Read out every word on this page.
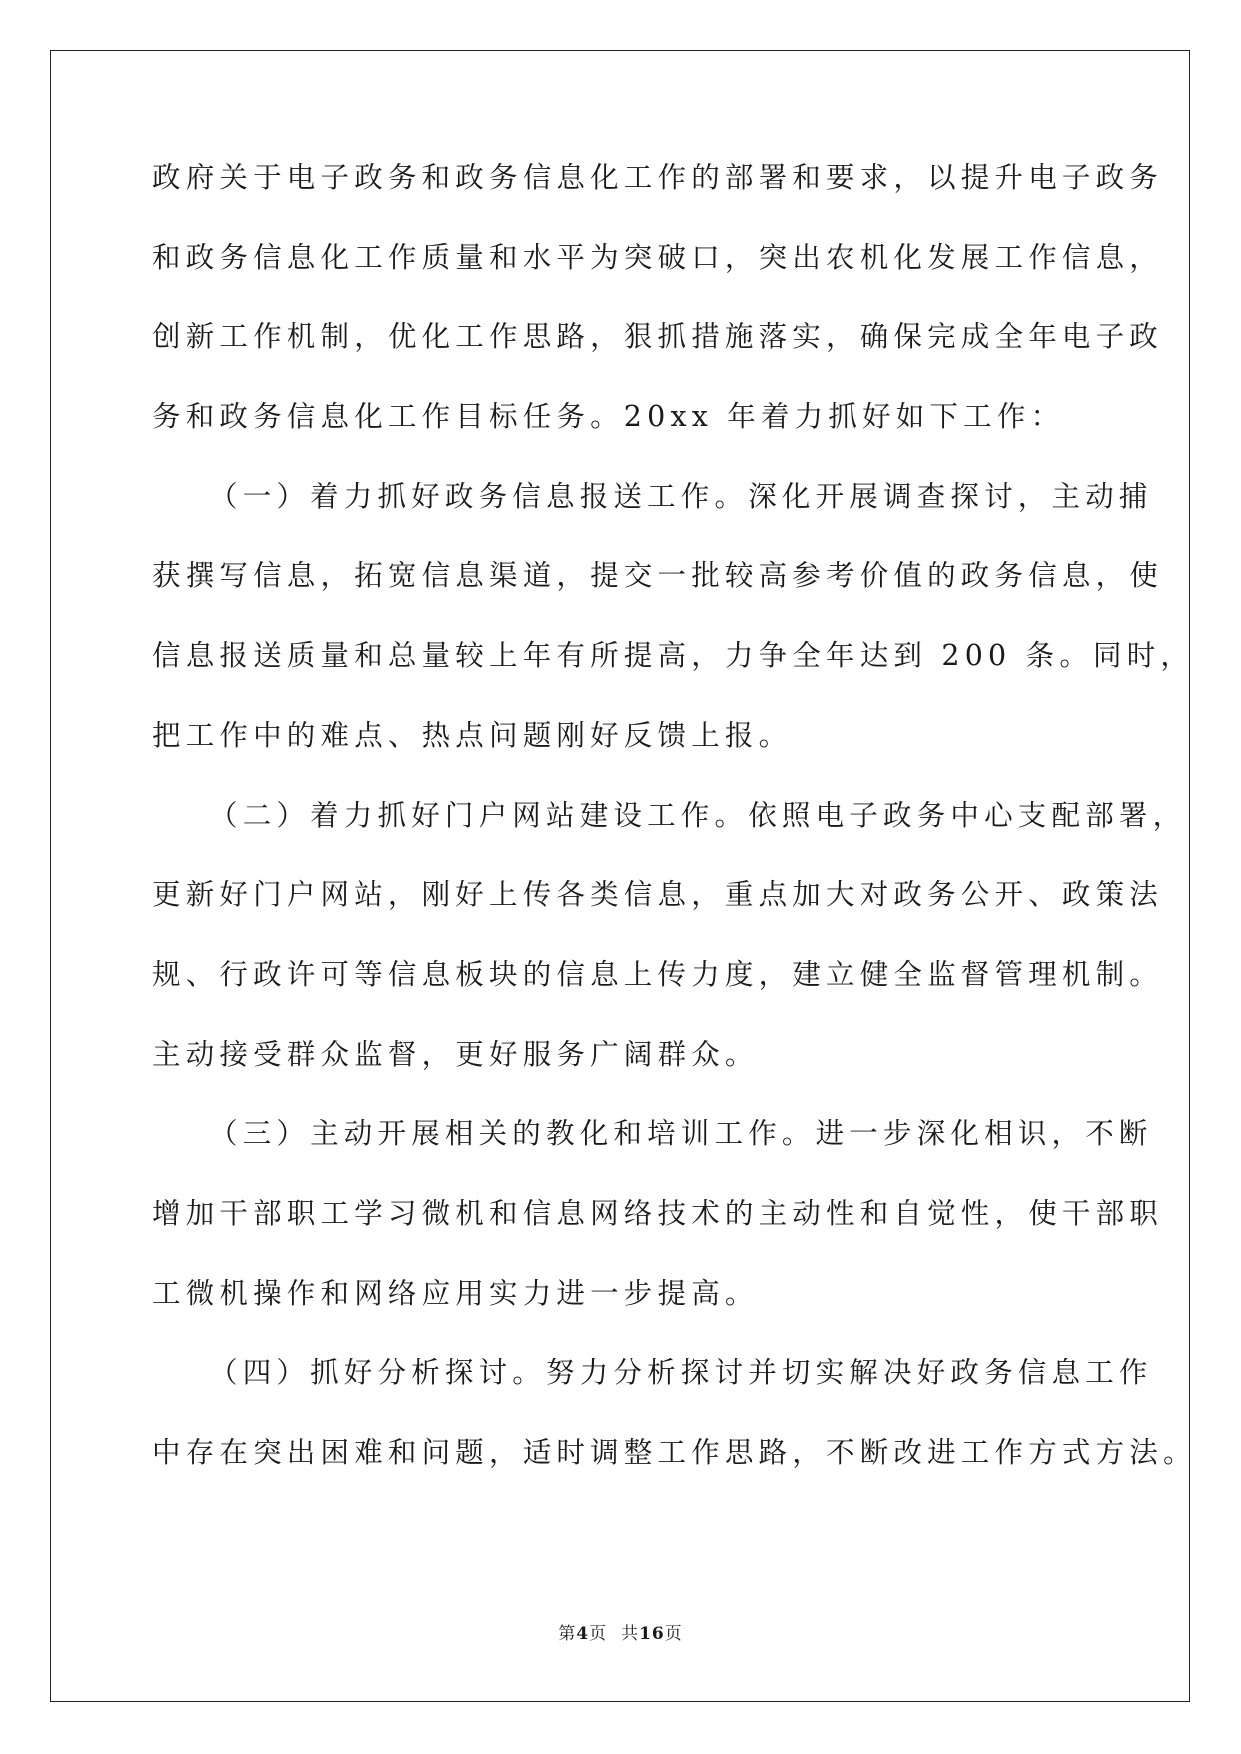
政府关于电子政务和政务信息化工作的部署和要求，以提升电子政务

和政务信息化工作质量和水平为突破口，突出农机化发展工作信息，

创新工作机制，优化工作思路，狠抓措施落实，确保完成全年电子政

务和政务信息化工作目标任务。20xx 年着力抓好如下工作：

（一）着力抓好政务信息报送工作。深化开展调查探讨，主动捕

获撰写信息，拓宽信息渠道，提交一批较高参考价值的政务信息，使

信息报送质量和总量较上年有所提高，力争全年达到 200 条。同时，

把工作中的难点、热点问题刚好反馈上报。

（二）着力抓好门户网站建设工作。依照电子政务中心支配部署，

更新好门户网站，刚好上传各类信息，重点加大对政务公开、政策法

规、行政许可等信息板块的信息上传力度，建立健全监督管理机制。

主动接受群众监督，更好服务广阔群众。

（三）主动开展相关的教化和培训工作。进一步深化相识，不断

增加干部职工学习微机和信息网络技术的主动性和自觉性，使干部职

工微机操作和网络应用实力进一步提高。

（四）抓好分析探讨。努力分析探讨并切实解决好政务信息工作

中存在突出困难和问题，适时调整工作思路，不断改进工作方式方法。

第4页 共16页
